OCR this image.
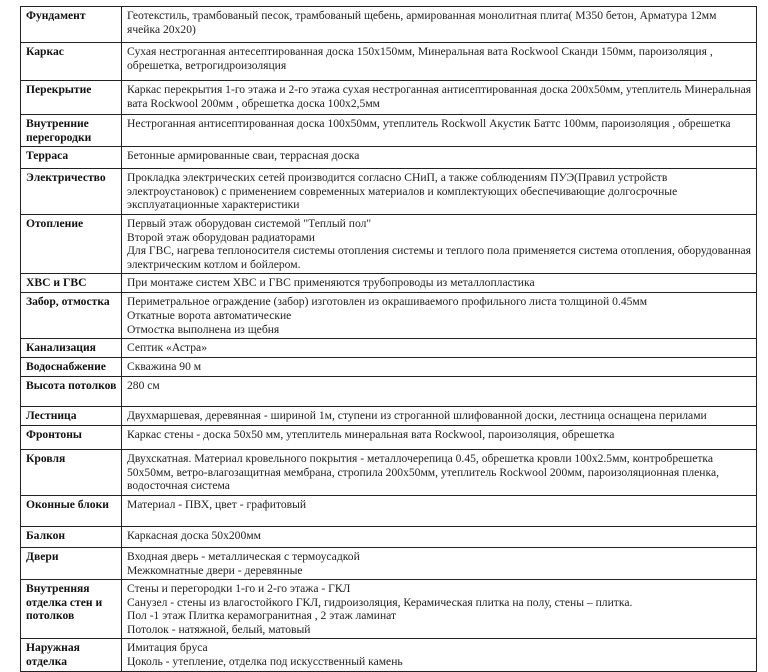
Фундамент	Геотекстиль, трамбованый песок, трамбованый щебень, армированная монолитная плита( М350 бетон, Арматура 12мм ячейка 20х20)

Каркас	Сухая нестроганная антесептированная доска 150х150мм, Минеральная вата Rockwool Сканди 150мм, пароизоляция , обрешетка, ветрогидроизоляция

Перекрытие	Каркас перекрытия 1-го этажа и 2-го этажа сухая нестроганная антисептированная доска 200х50мм, утеплитель Минеральная вата Rockwool 200мм , обрешетка доска 100х2,5мм

Внутренние перегородки	Нестроганная антисептированная доска 100х50мм, утеплитель Rockwoll Акустик Баттс 100мм, пароизоляция , обрешетка

Терраса	Бетонные армированные сваи, террасная доска

Электричество	Прокладка электрических сетей производится согласно СНиП, а также соблюдениям ПУЭ(Правил устройств электроустановок) с применением современных материалов и комплектующих обеспечивающие долгосрочные эксплуатационные характеристики

Отопление	Первый этаж оборудован системой "Теплый пол"
Второй этаж оборудован радиаторами
Для ГВС, нагрева теплоносителя системы отопления системы и теплого пола применяется система отопления, оборудованная электрическим котлом и бойлером.

ХВС и ГВС	При монтаже систем ХВС и ГВС применяются трубопроводы из металлопластика

Забор, отмостка	Периметральное ограждение (забор) изготовлен из окрашиваемого профильного листа толщиной 0.45мм
Откатные ворота автоматические
Отмостка выполнена из щебня

Канализация	Септик «Астра»

Водоснабжение	Скважина 90 м

Высота потолков	280 см

Лестница	Двухмаршевая, деревянная - шириной 1м, ступени из строганной шлифованной доски, лестница оснащена перилами

Фронтоны	Каркас стены - доска 50х50 мм, утеплитель минеральная вата Rockwool, пароизоляция, обрешетка

Кровля	Двухскатная. Материал кровельного покрытия - металлочерепица 0.45, обрешетка кровли 100х2.5мм, контробрешетка 50х50мм, ветро-влагозащитная мембрана, стропила 200х50мм, утеплитель Rockwool 200мм, пароизоляционная пленка, водосточная система

Оконные блоки	Материал - ПВХ, цвет - графитовый

Балкон	Каркасная доска 50х200мм

Двери	Входная дверь - металлическая с термоусадкой
Межкомнатные двери - деревянные

Внутренняя отделка стен и потолков	Стены и перегородки 1-го и 2-го этажа - ГКЛ
Санузел - стены из влагостойкого ГКЛ, гидроизоляция, Керамическая плитка на полу, стены – плитка.
Пол -1 этаж Плитка керамогранитная , 2 этаж ламинат
Потолок - натяжной, белый, матовый

Наружная отделка	Имитация бруса
Цоколь - утепление, отделка под искусственный камень
